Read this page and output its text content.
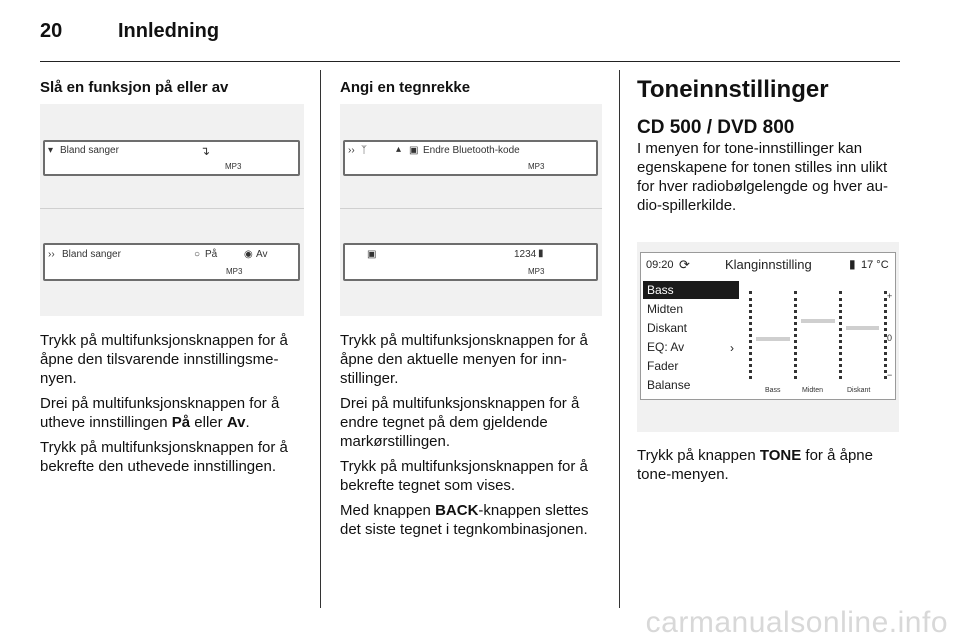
20	Innledning
Slå en funksjon på eller av
▾ Bland sanger	↴
MP3
›› Bland sanger	○ På	◉ Av
MP3

Trykk på multifunksjonsknappen for å åpne den tilsvarende innstillingsmenyen.

Drei på multifunksjonsknappen for å utheve innstillingen På eller Av.

Trykk på multifunksjonsknappen for å bekrefte den uthevede innstillingen.

Angi en tegnrekke
›› ᛉ	▴ ▣ Endre Bluetooth-kode
MP3
▣	1234 ▮
MP3

Trykk på multifunksjonsknappen for å åpne den aktuelle menyen for innstillinger.

Drei på multifunksjonsknappen for å endre tegnet på dem gjeldende markørstillingen.

Trykk på multifunksjonsknappen for å bekrefte tegnet som vises.

Med knappen BACK-knappen slettes det siste tegnet i tegnkombinasjonen.

Toneinnstillinger
CD 500 / DVD 800

I menyen for tone-innstillinger kan egenskapene for tonen stilles inn ulikt for hver radiobølgelengde og hver audio-spillerkilde.

09:20 ⟳	Klanginnstilling	▮ 17 °C
Bass
Midten
Diskant
EQ: Av	›
Fader
Balanse
+
0
−
Bass	Midten	Diskant

Trykk på knappen TONE for å åpne tone-menyen.

carmanualsonline.info
